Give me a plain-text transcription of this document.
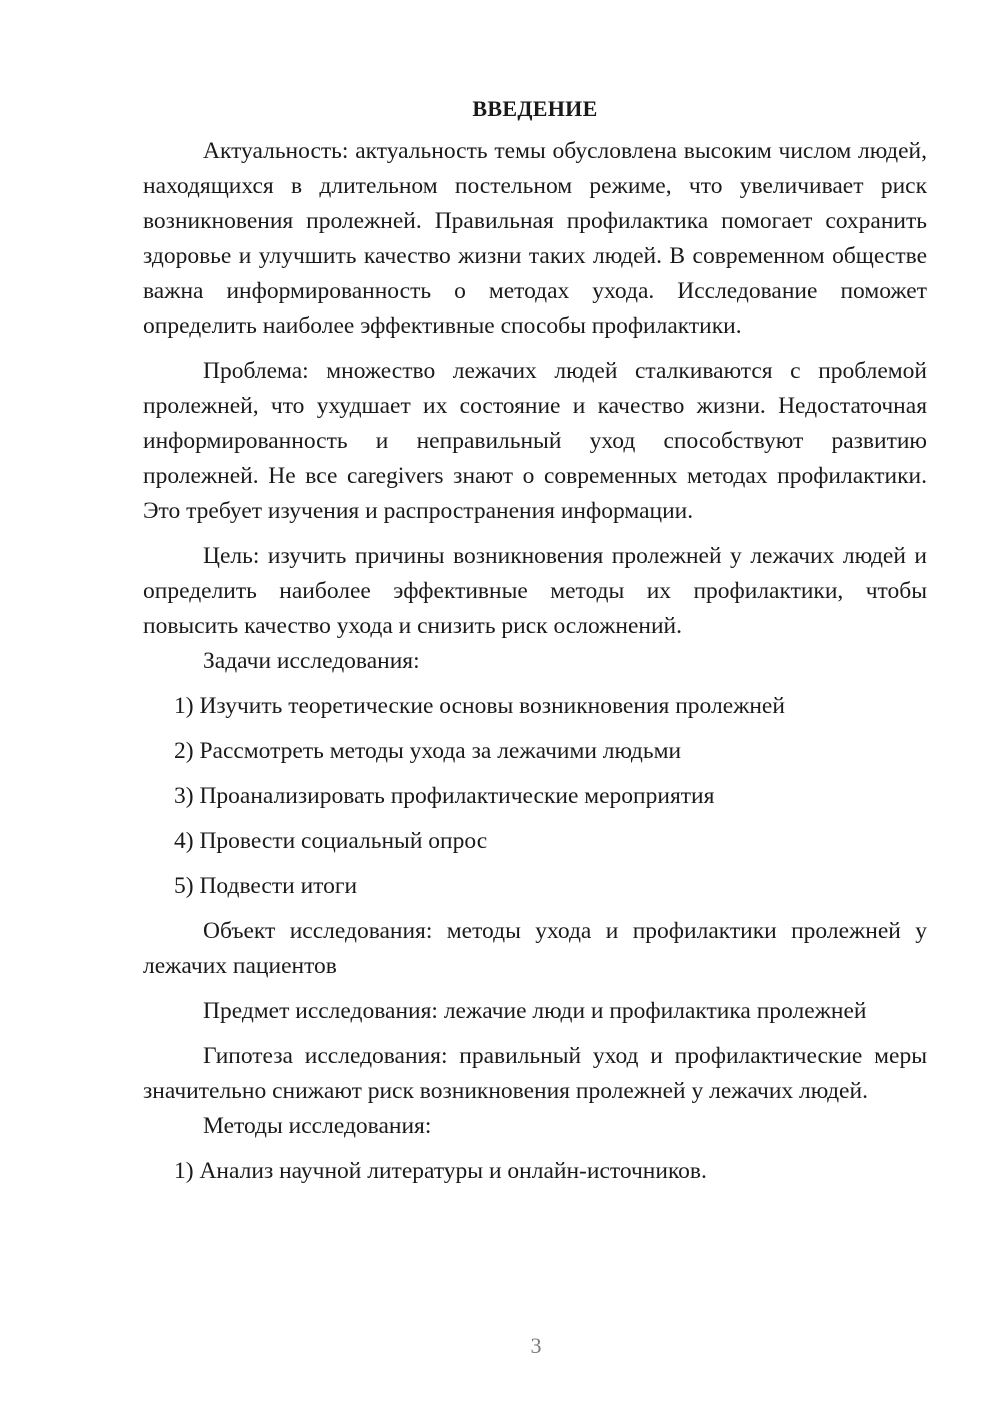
ВВЕДЕНИЕ

Актуальность: актуальность темы обусловлена высоким числом людей, находящихся в длительном постельном режиме, что увеличивает риск возникновения пролежней. Правильная профилактика помогает сохранить здоровье и улучшить качество жизни таких людей. В современном обществе важна информированность о методах ухода. Исследование поможет определить наиболее эффективные способы профилактики.

Проблема: множество лежачих людей сталкиваются с проблемой пролежней, что ухудшает их состояние и качество жизни. Недостаточная информированность и неправильный уход способствуют развитию пролежней. Не все caregivers знают о современных методах профилактики. Это требует изучения и распространения информации.

Цель: изучить причины возникновения пролежней у лежачих людей и определить наиболее эффективные методы их профилактики, чтобы повысить качество ухода и снизить риск осложнений.

Задачи исследования:

1) Изучить теоретические основы возникновения пролежней

2) Рассмотреть методы ухода за лежачими людьми

3) Проанализировать профилактические мероприятия

4) Провести социальный опрос

5) Подвести итоги

Объект исследования: методы ухода и профилактики пролежней у лежачих пациентов

Предмет исследования: лежачие люди и профилактика пролежней

Гипотеза исследования: правильный уход и профилактические меры значительно снижают риск возникновения пролежней у лежачих людей.

Методы исследования:

1) Анализ научной литературы и онлайн-источников.

3
